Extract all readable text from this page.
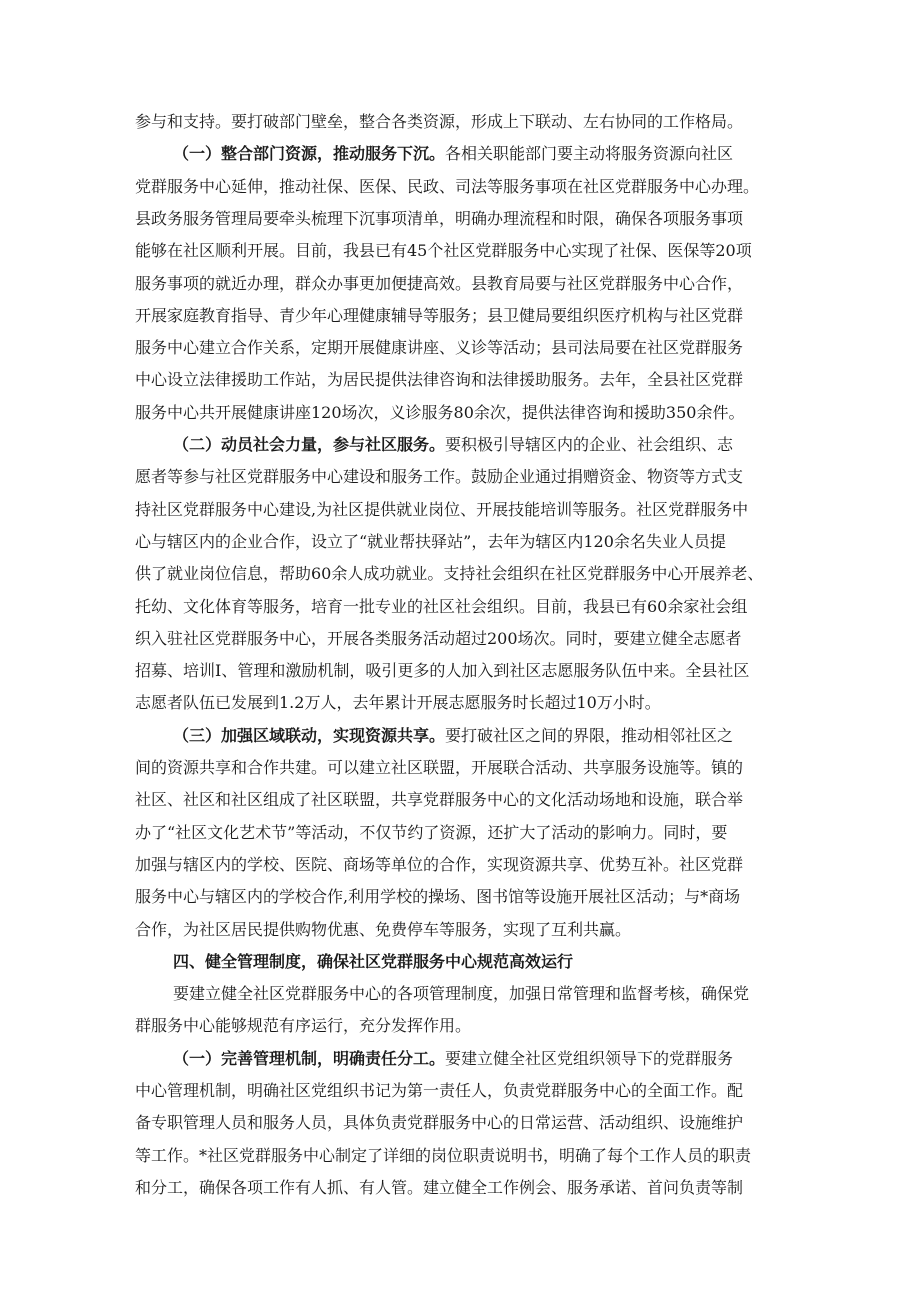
参与和支持。要打破部门壁垒，整合各类资源，形成上下联动、左右协同的工作格局。
（一）整合部门资源，推动服务下沉。各相关职能部门要主动将服务资源向社区
党群服务中心延伸，推动社保、医保、民政、司法等服务事项在社区党群服务中心办理。
县政务服务管理局要牵头梳理下沉事项清单，明确办理流程和时限，确保各项服务事项
能够在社区顺利开展。目前，我县已有45个社区党群服务中心实现了社保、医保等20项
服务事项的就近办理，群众办事更加便捷高效。县教育局要与社区党群服务中心合作，
开展家庭教育指导、青少年心理健康辅导等服务；县卫健局要组织医疗机构与社区党群
服务中心建立合作关系，定期开展健康讲座、义诊等活动；县司法局要在社区党群服务
中心设立法律援助工作站，为居民提供法律咨询和法律援助服务。去年，全县社区党群
服务中心共开展健康讲座120场次，义诊服务80余次，提供法律咨询和援助350余件。
（二）动员社会力量，参与社区服务。要积极引导辖区内的企业、社会组织、志
愿者等参与社区党群服务中心建设和服务工作。鼓励企业通过捐赠资金、物资等方式支
持社区党群服务中心建设,为社区提供就业岗位、开展技能培训等服务。社区党群服务中
心与辖区内的企业合作，设立了“就业帮扶驿站”，去年为辖区内120余名失业人员提
供了就业岗位信息，帮助60余人成功就业。支持社会组织在社区党群服务中心开展养老、
托幼、文化体育等服务，培育一批专业的社区社会组织。目前，我县已有60余家社会组
织入驻社区党群服务中心，开展各类服务活动超过200场次。同时，要建立健全志愿者
招募、培训I、管理和激励机制，吸引更多的人加入到社区志愿服务队伍中来。全县社区
志愿者队伍已发展到1.2万人，去年累计开展志愿服务时长超过10万小时。
（三）加强区域联动，实现资源共享。要打破社区之间的界限，推动相邻社区之
间的资源共享和合作共建。可以建立社区联盟，开展联合活动、共享服务设施等。镇的
社区、社区和社区组成了社区联盟，共享党群服务中心的文化活动场地和设施，联合举
办了“社区文化艺术节”等活动，不仅节约了资源，还扩大了活动的影响力。同时，要
加强与辖区内的学校、医院、商场等单位的合作，实现资源共享、优势互补。社区党群
服务中心与辖区内的学校合作,利用学校的操场、图书馆等设施开展社区活动；与*商场
合作，为社区居民提供购物优惠、免费停车等服务，实现了互利共赢。
四、健全管理制度，确保社区党群服务中心规范高效运行
要建立健全社区党群服务中心的各项管理制度，加强日常管理和监督考核，确保党
群服务中心能够规范有序运行，充分发挥作用。
（一）完善管理机制，明确责任分工。要建立健全社区党组织领导下的党群服务
中心管理机制，明确社区党组织书记为第一责任人，负责党群服务中心的全面工作。配
备专职管理人员和服务人员，具体负责党群服务中心的日常运营、活动组织、设施维护
等工作。*社区党群服务中心制定了详细的岗位职责说明书，明确了每个工作人员的职责
和分工，确保各项工作有人抓、有人管。建立健全工作例会、服务承诺、首问负责等制
